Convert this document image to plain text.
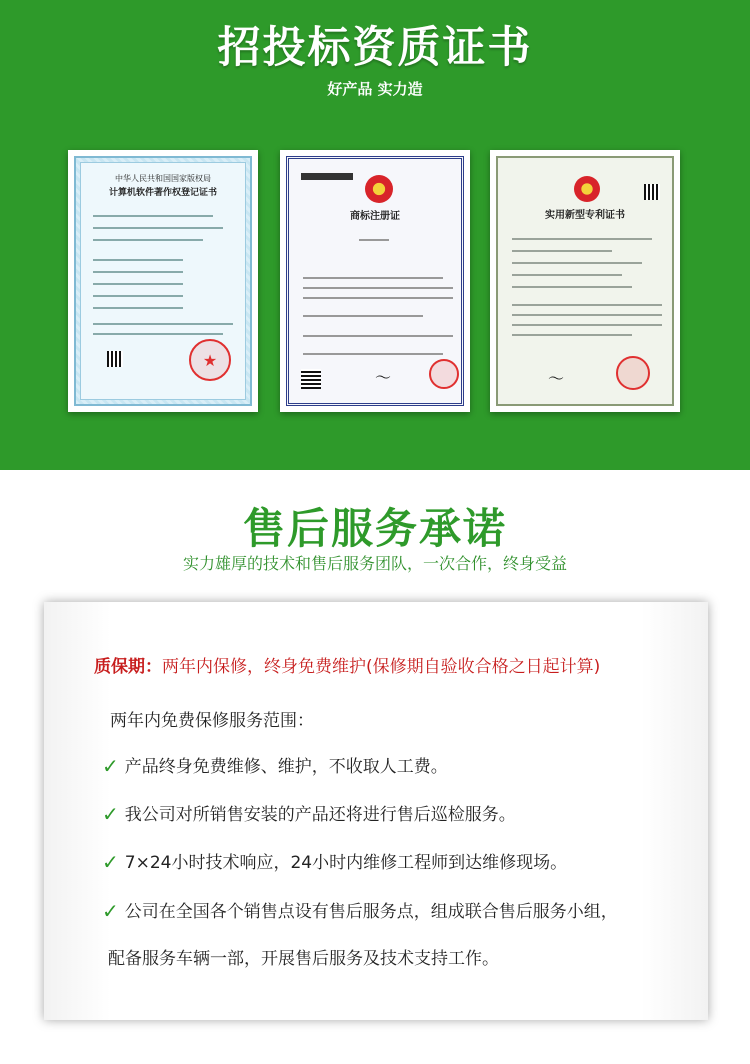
招投标资质证书
好产品 实力造
中华人民共和国国家版权局
计算机软件著作权登记证书
★
商标注册证
〜
实用新型专利证书
〜
售后服务承诺
实力雄厚的技术和售后服务团队，一次合作，终身受益
质保期：两年内保修，终身免费维护(保修期自验收合格之日起计算)
两年内免费保修服务范围：
✓ 产品终身免费维修、维护，不收取人工费。
✓ 我公司对所销售安装的产品还将进行售后巡检服务。
✓ 7×24小时技术响应，24小时内维修工程师到达维修现场。
✓ 公司在全国各个销售点设有售后服务点，组成联合售后服务小组，
配备服务车辆一部，开展售后服务及技术支持工作。
